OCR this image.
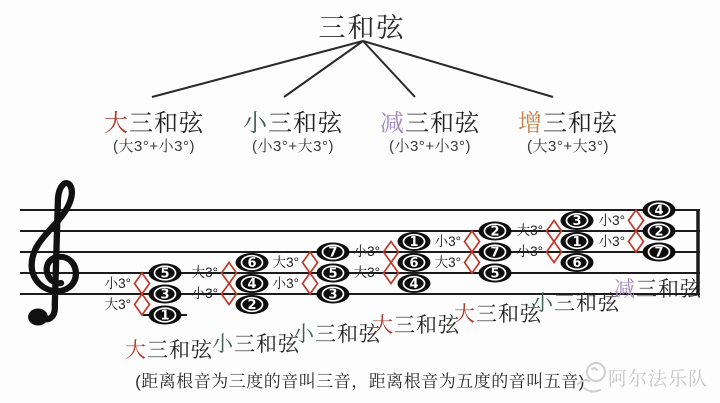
三和弦
大三和弦
(大3°+小3°)
小三和弦
(小3°+大3°)
减三和弦
(小3°+小3°)
增三和弦
(大3°+大3°)
5
3
1
6
4
2
7
5
3
1
6
4
2
7
5
3
1
6
4
2
7
小3°
大3°
大三和弦
大3°
小3°
小三和弦
大3°
小3°
小三和弦
小3°
大3°
大三和弦
小3°
大3°
大三和弦
大3°
小3°
小三和弦
小3°
小3°
减三和弦
(距离根音为三度的音叫三音，距离根音为五度的音叫五音)	阿尔法乐队
